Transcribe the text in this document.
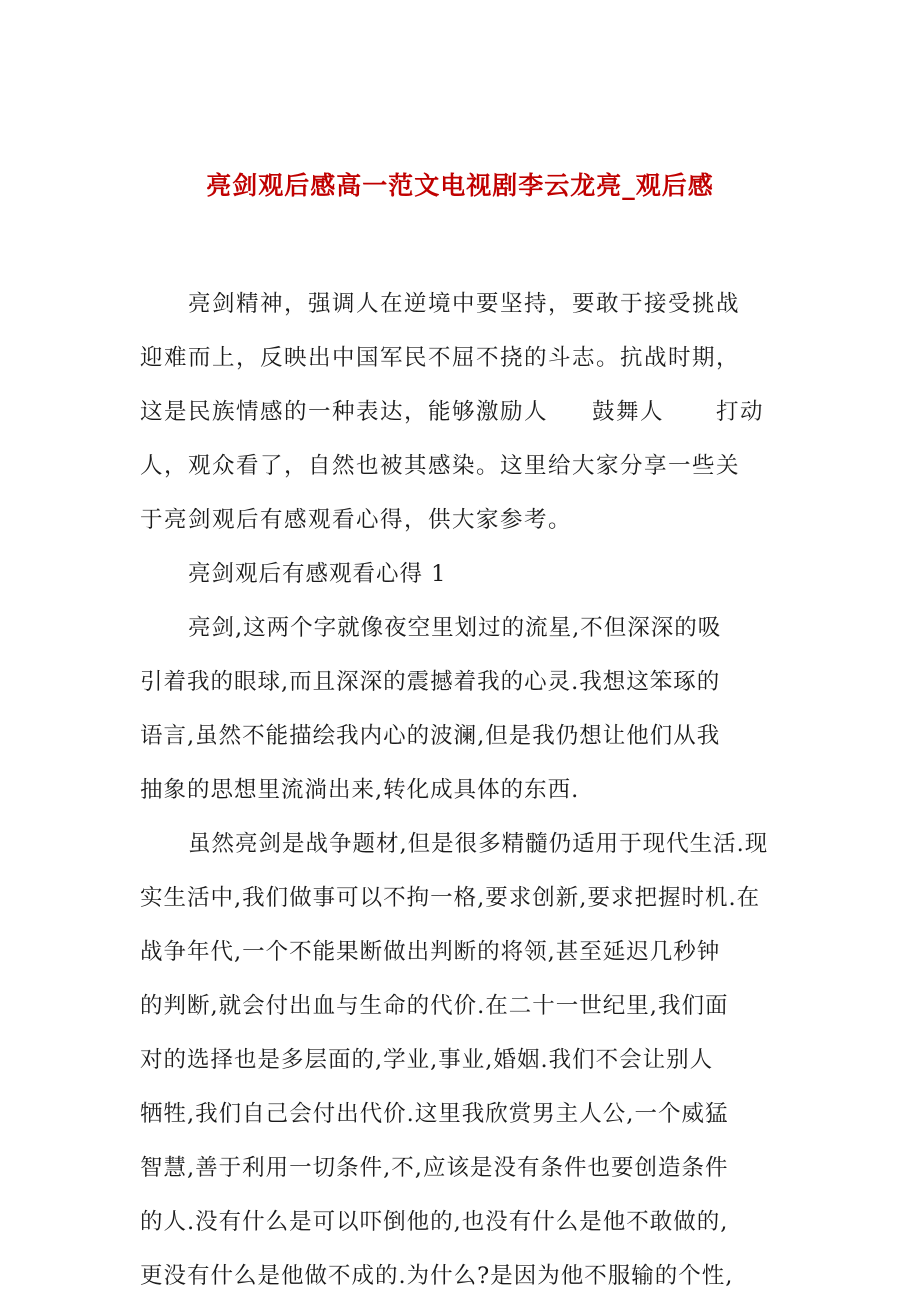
亮剑观后感高一范文电视剧李云龙亮_观后感
亮剑精神，强调人在逆境中要坚持，要敢于接受挑战
迎难而上，反映出中国军民不屈不挠的斗志。抗战时期，
这是民族情感的一种表达，能够激励人 鼓舞人 打动
人，观众看了，自然也被其感染。这里给大家分享一些关
于亮剑观后有感观看心得，供大家参考。
亮剑观后有感观看心得 1
亮剑,这两个字就像夜空里划过的流星,不但深深的吸
引着我的眼球,而且深深的震撼着我的心灵.我想这笨琢的
语言,虽然不能描绘我内心的波澜,但是我仍想让他们从我
抽象的思想里流淌出来,转化成具体的东西.
虽然亮剑是战争题材,但是很多精髓仍适用于现代生活.现
实生活中,我们做事可以不拘一格,要求创新,要求把握时机.在
战争年代,一个不能果断做出判断的将领,甚至延迟几秒钟
的判断,就会付出血与生命的代价.在二十一世纪里,我们面
对的选择也是多层面的,学业,事业,婚姻.我们不会让别人
牺牲,我们自己会付出代价.这里我欣赏男主人公,一个威猛
智慧,善于利用一切条件,不,应该是没有条件也要创造条件
的人.没有什么是可以吓倒他的,也没有什么是他不敢做的,
更没有什么是他做不成的.为什么?是因为他不服输的个性,
